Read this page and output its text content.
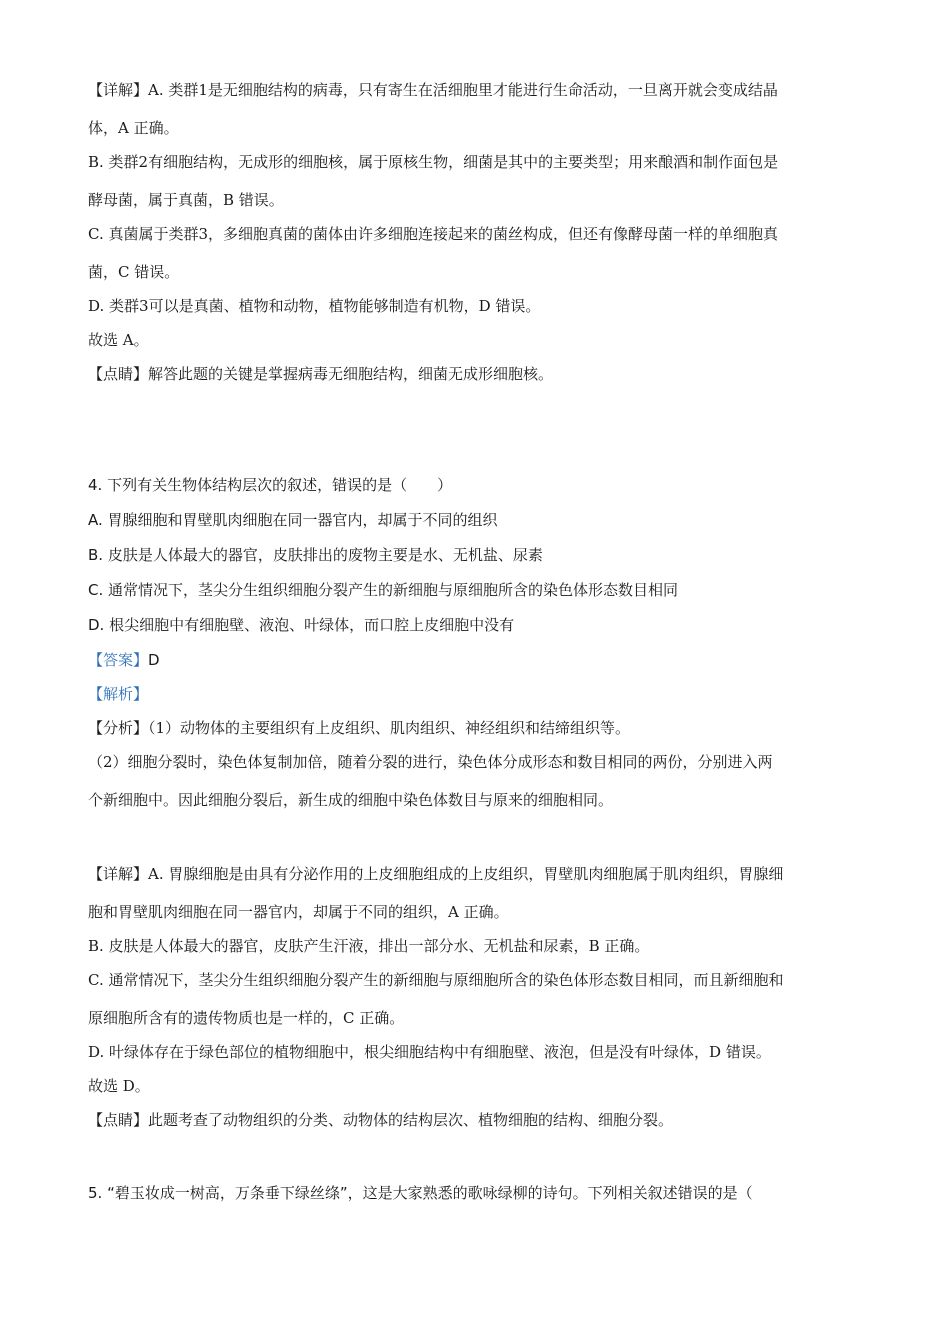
【详解】A. 类群1是无细胞结构的病毒，只有寄生在活细胞里才能进行生命活动，一旦离开就会变成结晶
体，A 正确。
B. 类群2有细胞结构，无成形的细胞核，属于原核生物，细菌是其中的主要类型；用来酿酒和制作面包是
酵母菌，属于真菌，B 错误。
C. 真菌属于类群3，多细胞真菌的菌体由许多细胞连接起来的菌丝构成，但还有像酵母菌一样的单细胞真
菌，C 错误。
D. 类群3可以是真菌、植物和动物，植物能够制造有机物，D 错误。
故选 A。
【点睛】解答此题的关键是掌握病毒无细胞结构，细菌无成形细胞核。
4. 下列有关生物体结构层次的叙述，错误的是（　　）
A. 胃腺细胞和胃壁肌肉细胞在同一器官内，却属于不同的组织
B. 皮肤是人体最大的器官，皮肤排出的废物主要是水、无机盐、尿素
C. 通常情况下，茎尖分生组织细胞分裂产生的新细胞与原细胞所含的染色体形态数目相同
D. 根尖细胞中有细胞壁、液泡、叶绿体，而口腔上皮细胞中没有
【答案】D
【解析】
【分析】（1）动物体的主要组织有上皮组织、肌肉组织、神经组织和结缔组织等。
（2）细胞分裂时，染色体复制加倍，随着分裂的进行，染色体分成形态和数目相同的两份，分别进入两
个新细胞中。因此细胞分裂后，新生成的细胞中染色体数目与原来的细胞相同。
【详解】A. 胃腺细胞是由具有分泌作用的上皮细胞组成的上皮组织，胃壁肌肉细胞属于肌肉组织，胃腺细
胞和胃壁肌肉细胞在同一器官内，却属于不同的组织，A 正确。
B. 皮肤是人体最大的器官，皮肤产生汗液，排出一部分水、无机盐和尿素，B 正确。
C. 通常情况下，茎尖分生组织细胞分裂产生的新细胞与原细胞所含的染色体形态数目相同，而且新细胞和
原细胞所含有的遗传物质也是一样的，C 正确。
D. 叶绿体存在于绿色部位的植物细胞中，根尖细胞结构中有细胞壁、液泡，但是没有叶绿体，D 错误。
故选 D。
【点睛】此题考查了动物组织的分类、动物体的结构层次、植物细胞的结构、细胞分裂。
5. “碧玉妆成一树高，万条垂下绿丝绦”，这是大家熟悉的歌咏绿柳的诗句。下列相关叙述错误的是（
